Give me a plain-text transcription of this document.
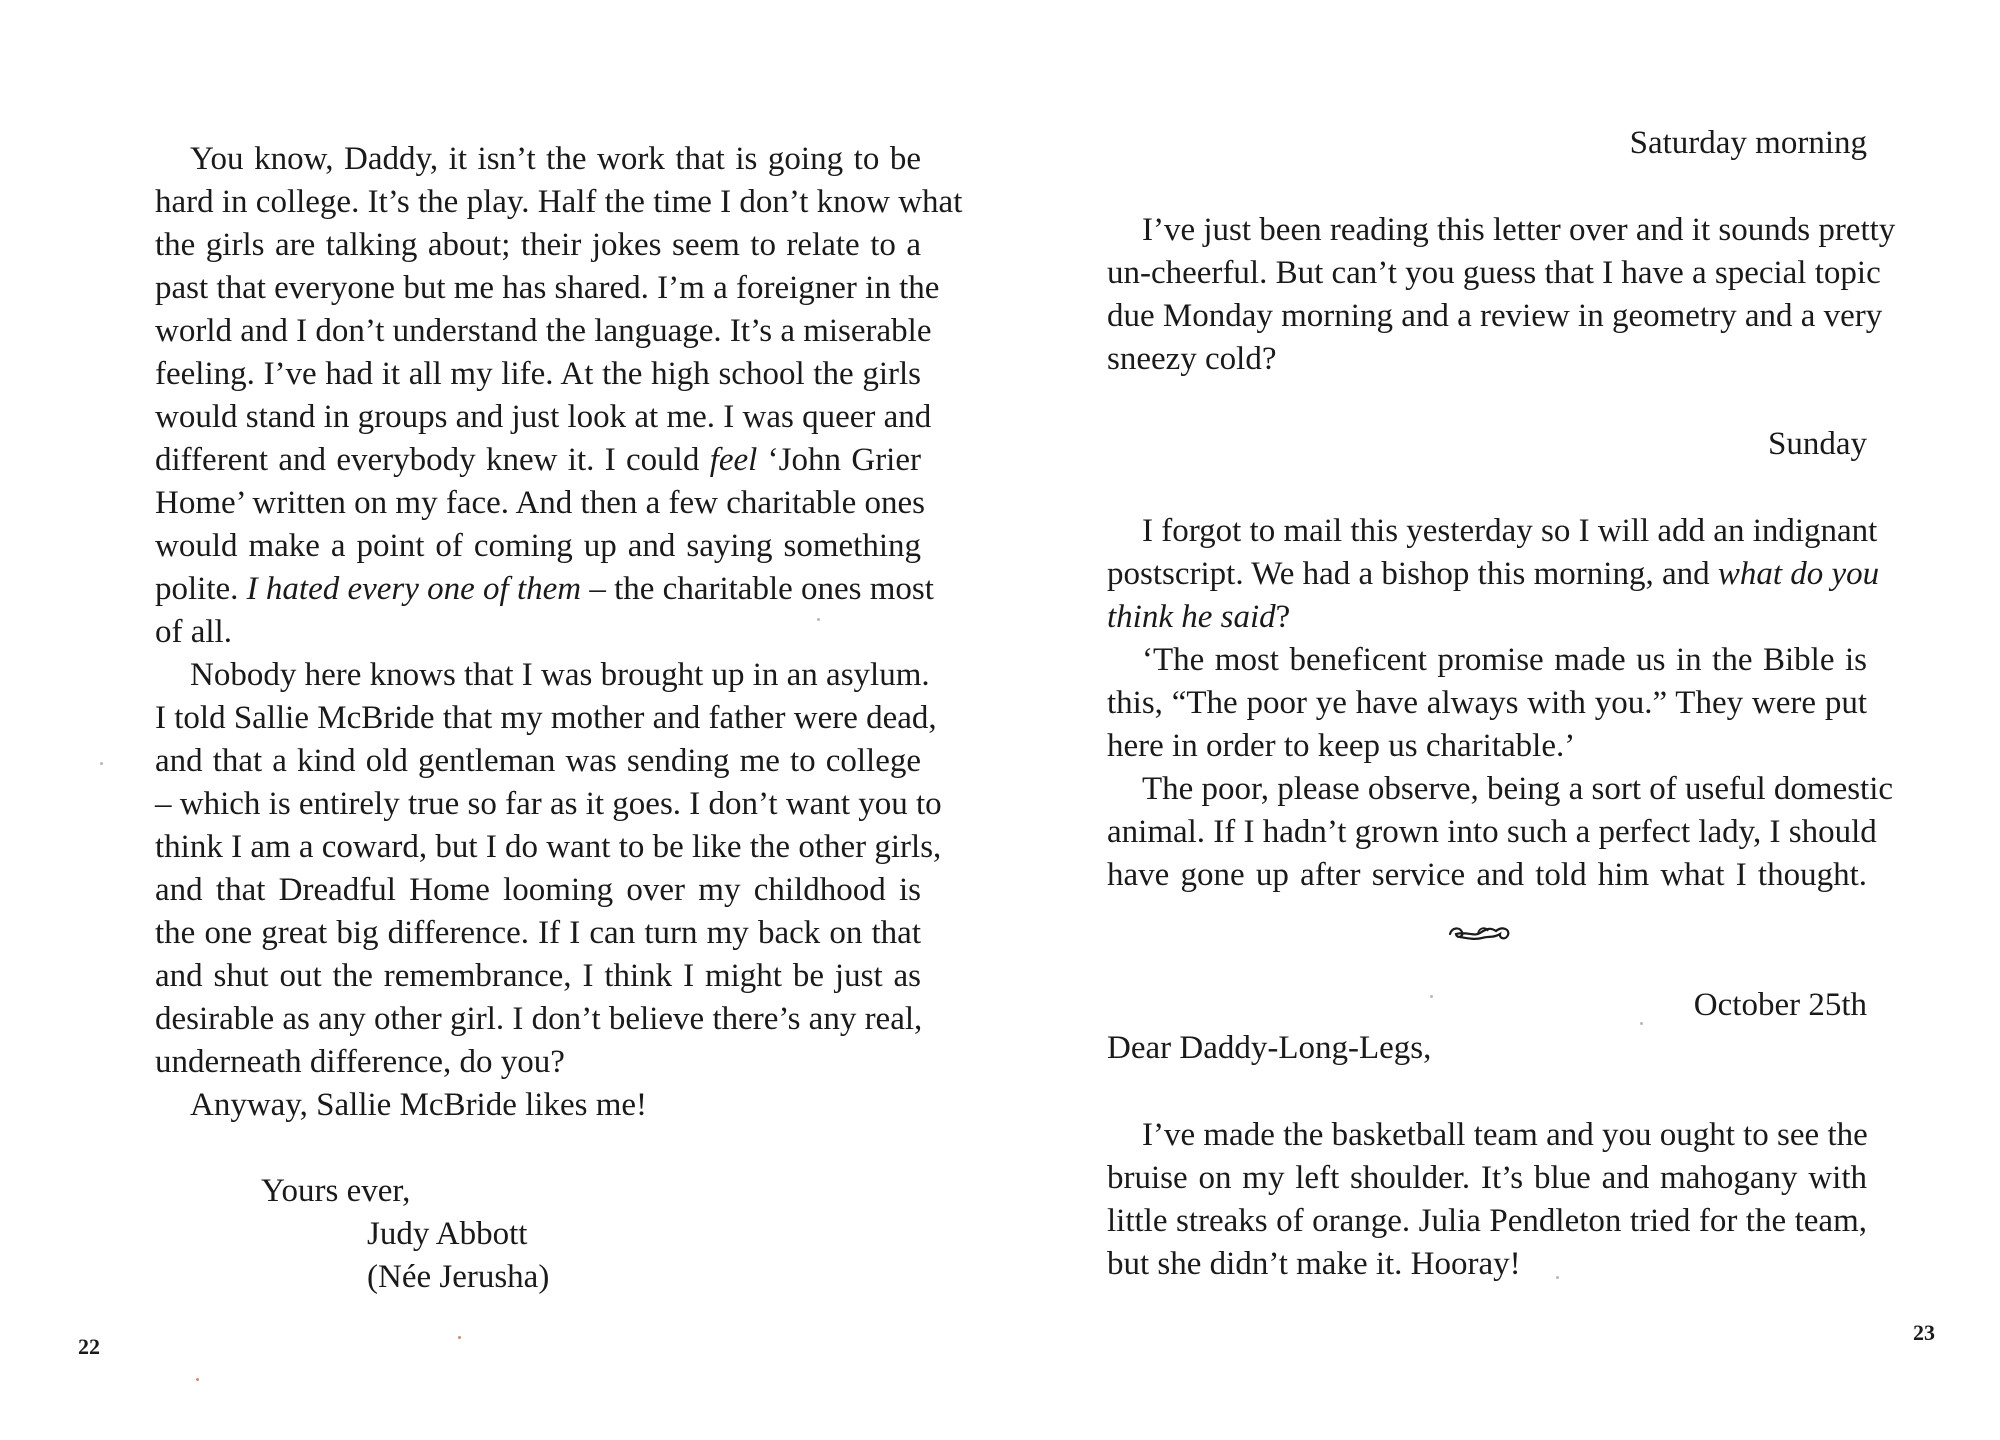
You know, Daddy, it isn’t the work that is going to be
hard in college. It’s the play. Half the time I don’t know what
the girls are talking about; their jokes seem to relate to a
past that everyone but me has shared. I’m a foreigner in the
world and I don’t understand the language. It’s a miserable
feeling. I’ve had it all my life. At the high school the girls
would stand in groups and just look at me. I was queer and
different and everybody knew it. I could feel ‘John Grier
Home’ written on my face. And then a few charitable ones
would make a point of coming up and saying something
polite. I hated every one of them – the charitable ones most
of all.
Nobody here knows that I was brought up in an asylum.
I told Sallie McBride that my mother and father were dead,
and that a kind old gentleman was sending me to college
– which is entirely true so far as it goes. I don’t want you to
think I am a coward, but I do want to be like the other girls,
and that Dreadful Home looming over my childhood is
the one great big difference. If I can turn my back on that
and shut out the remembrance, I think I might be just as
desirable as any other girl. I don’t believe there’s any real,
underneath difference, do you?
Anyway, Sallie McBride likes me!
Yours ever,
Judy Abbott
(Née Jerusha)
22
Saturday morning
I’ve just been reading this letter over and it sounds pretty
un-cheerful. But can’t you guess that I have a special topic
due Monday morning and a review in geometry and a very
sneezy cold?
Sunday
I forgot to mail this yesterday so I will add an indignant
postscript. We had a bishop this morning, and what do you
think he said?
‘The most beneficent promise made us in the Bible is
this, “The poor ye have always with you.” They were put
here in order to keep us charitable.’
The poor, please observe, being a sort of useful domestic
animal. If I hadn’t grown into such a perfect lady, I should
have gone up after service and told him what I thought.
October 25th
Dear Daddy-Long-Legs,
I’ve made the basketball team and you ought to see the
bruise on my left shoulder. It’s blue and mahogany with
little streaks of orange. Julia Pendleton tried for the team,
but she didn’t make it. Hooray!
23
